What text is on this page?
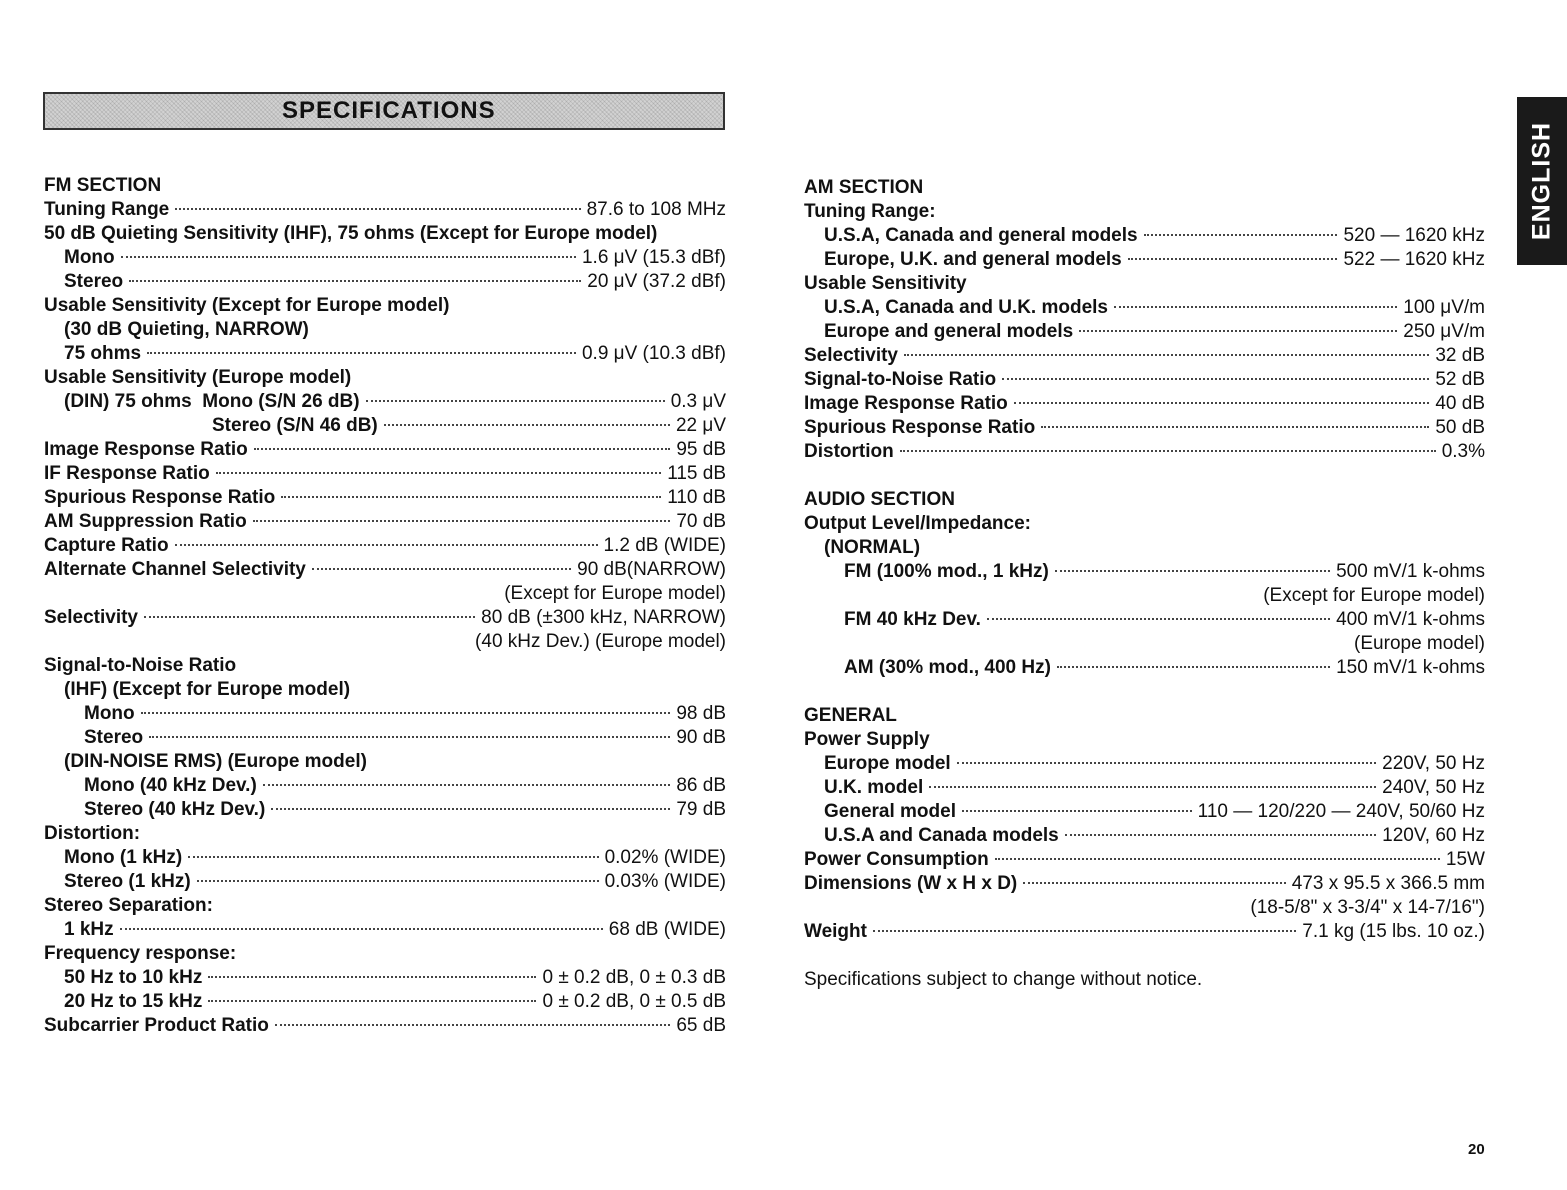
SPECIFICATIONS
ENGLISH
FM SECTION
Tuning Range	87.6 to 108 MHz
50 dB Quieting Sensitivity (IHF), 75 ohms (Except for Europe model)
Mono	1.6 μV (15.3 dBf)
Stereo	20 μV (37.2 dBf)
Usable Sensitivity (Except for Europe model)
(30 dB Quieting, NARROW)
75 ohms	0.9 μV (10.3 dBf)
Usable Sensitivity (Europe model)
(DIN) 75 ohms  Mono (S/N 26 dB)	0.3 μV
Stereo (S/N 46 dB)	22 μV
Image Response Ratio	95 dB
IF Response Ratio	115 dB
Spurious Response Ratio	110 dB
AM Suppression Ratio	70 dB
Capture Ratio	1.2 dB (WIDE)
Alternate Channel Selectivity	90 dB(NARROW)
(Except for Europe model)
Selectivity	80 dB (±300 kHz, NARROW)
(40 kHz Dev.) (Europe model)
Signal-to-Noise Ratio
(IHF) (Except for Europe model)
Mono	98 dB
Stereo	90 dB
(DIN-NOISE RMS) (Europe model)
Mono (40 kHz Dev.)	86 dB
Stereo (40 kHz Dev.)	79 dB
Distortion:
Mono (1 kHz)	0.02% (WIDE)
Stereo (1 kHz)	0.03% (WIDE)
Stereo Separation:
1 kHz	68 dB (WIDE)
Frequency response:
50 Hz to 10 kHz	0 ± 0.2 dB, 0 ± 0.3 dB
20 Hz to 15 kHz	0 ± 0.2 dB, 0 ± 0.5 dB
Subcarrier Product Ratio	65 dB
AM SECTION
Tuning Range:
U.S.A, Canada and general models	520 — 1620 kHz
Europe, U.K. and general models	522 — 1620 kHz
Usable Sensitivity
U.S.A, Canada and U.K. models	100 μV/m
Europe and general models	250 μV/m
Selectivity	32 dB
Signal-to-Noise Ratio	52 dB
Image Response Ratio	40 dB
Spurious Response Ratio	50 dB
Distortion	0.3%
AUDIO SECTION
Output Level/Impedance:
(NORMAL)
FM (100% mod., 1 kHz)	500 mV/1 k-ohms
(Except for Europe model)
FM 40 kHz Dev.	400 mV/1 k-ohms
(Europe model)
AM (30% mod., 400 Hz)	150 mV/1 k-ohms
GENERAL
Power Supply
Europe model	220V, 50 Hz
U.K. model	240V, 50 Hz
General model	110 — 120/220 — 240V, 50/60 Hz
U.S.A and Canada models	120V, 60 Hz
Power Consumption	15W
Dimensions (W x H x D)	473 x 95.5 x 366.5 mm
(18-5/8" x 3-3/4" x 14-7/16")
Weight	7.1 kg (15 lbs. 10 oz.)
Specifications subject to change without notice.
20
